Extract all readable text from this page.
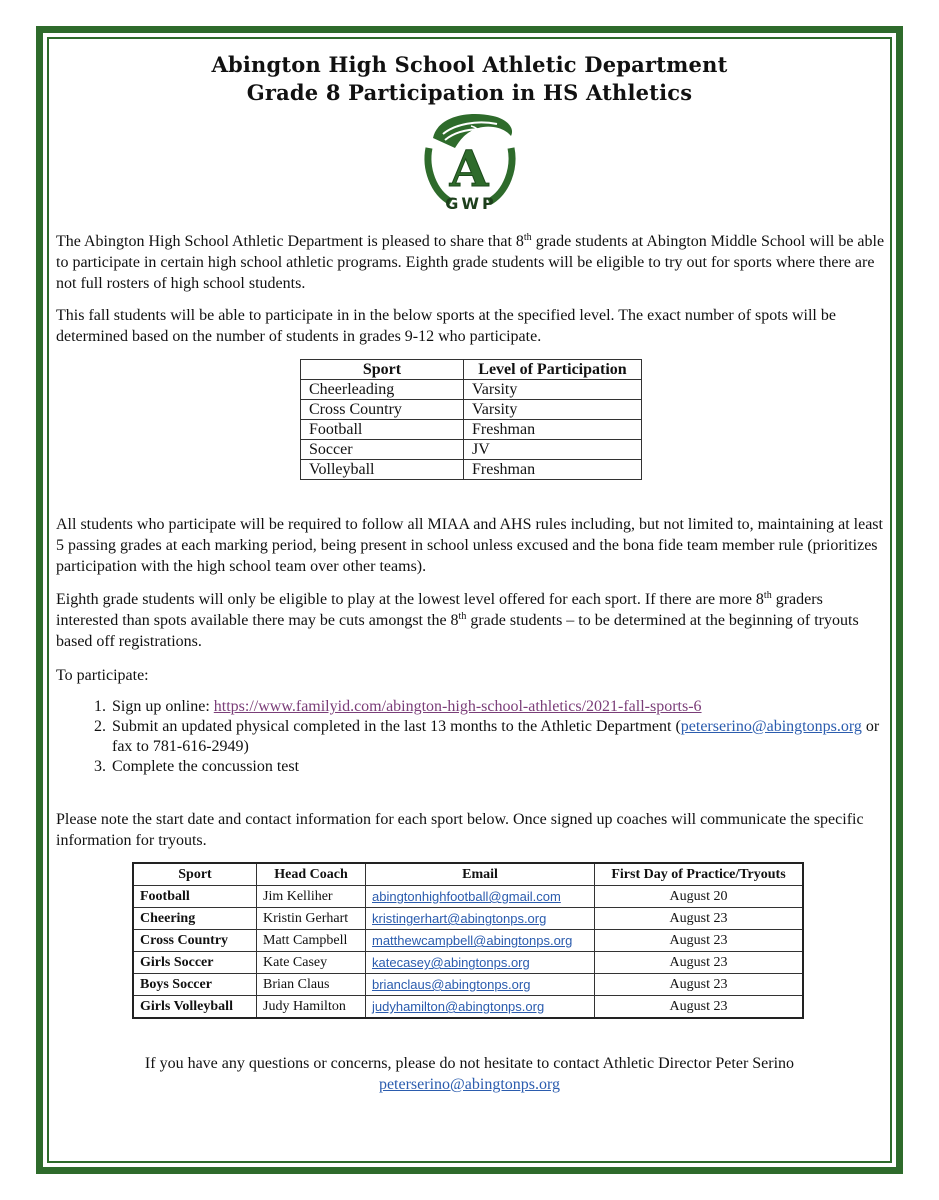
Abington High School Athletic Department
Grade 8 Participation in HS Athletics
A
GWP

The Abington High School Athletic Department is pleased to share that 8th grade students at Abington Middle School will be able to participate in certain high school athletic programs. Eighth grade students will be eligible to try out for sports where there are not full rosters of high school students.

This fall students will be able to participate in in the below sports at the specified level. The exact number of spots will be determined based on the number of students in grades 9-12 who participate.

Sport	Level of Participation
Cheerleading	Varsity
Cross Country	Varsity
Football	Freshman
Soccer	JV
Volleyball	Freshman

All students who participate will be required to follow all MIAA and AHS rules including, but not limited to, maintaining at least 5 passing grades at each marking period, being present in school unless excused and the bona fide team member rule (prioritizes participation with the high school team over other teams).

Eighth grade students will only be eligible to play at the lowest level offered for each sport. If there are more 8th graders interested than spots available there may be cuts amongst the 8th grade students – to be determined at the beginning of tryouts based off registrations.

To participate:

1. Sign up online: https://www.familyid.com/abington-high-school-athletics/2021-fall-sports-6
2. Submit an updated physical completed in the last 13 months to the Athletic Department (peterserino@abingtonps.org or fax to 781-616-2949)
3. Complete the concussion test

Please note the start date and contact information for each sport below. Once signed up coaches will communicate the specific information for tryouts.

Sport	Head Coach	Email	First Day of Practice/Tryouts
Football	Jim Kelliher	abingtonhighfootball@gmail.com	August 20
Cheering	Kristin Gerhart	kristingerhart@abingtonps.org	August 23
Cross Country	Matt Campbell	matthewcampbell@abingtonps.org	August 23
Girls Soccer	Kate Casey	katecasey@abingtonps.org	August 23
Boys Soccer	Brian Claus	brianclaus@abingtonps.org	August 23
Girls Volleyball	Judy Hamilton	judyhamilton@abingtonps.org	August 23
If you have any questions or concerns, please do not hesitate to contact Athletic Director Peter Serino
peterserino@abingtonps.org
